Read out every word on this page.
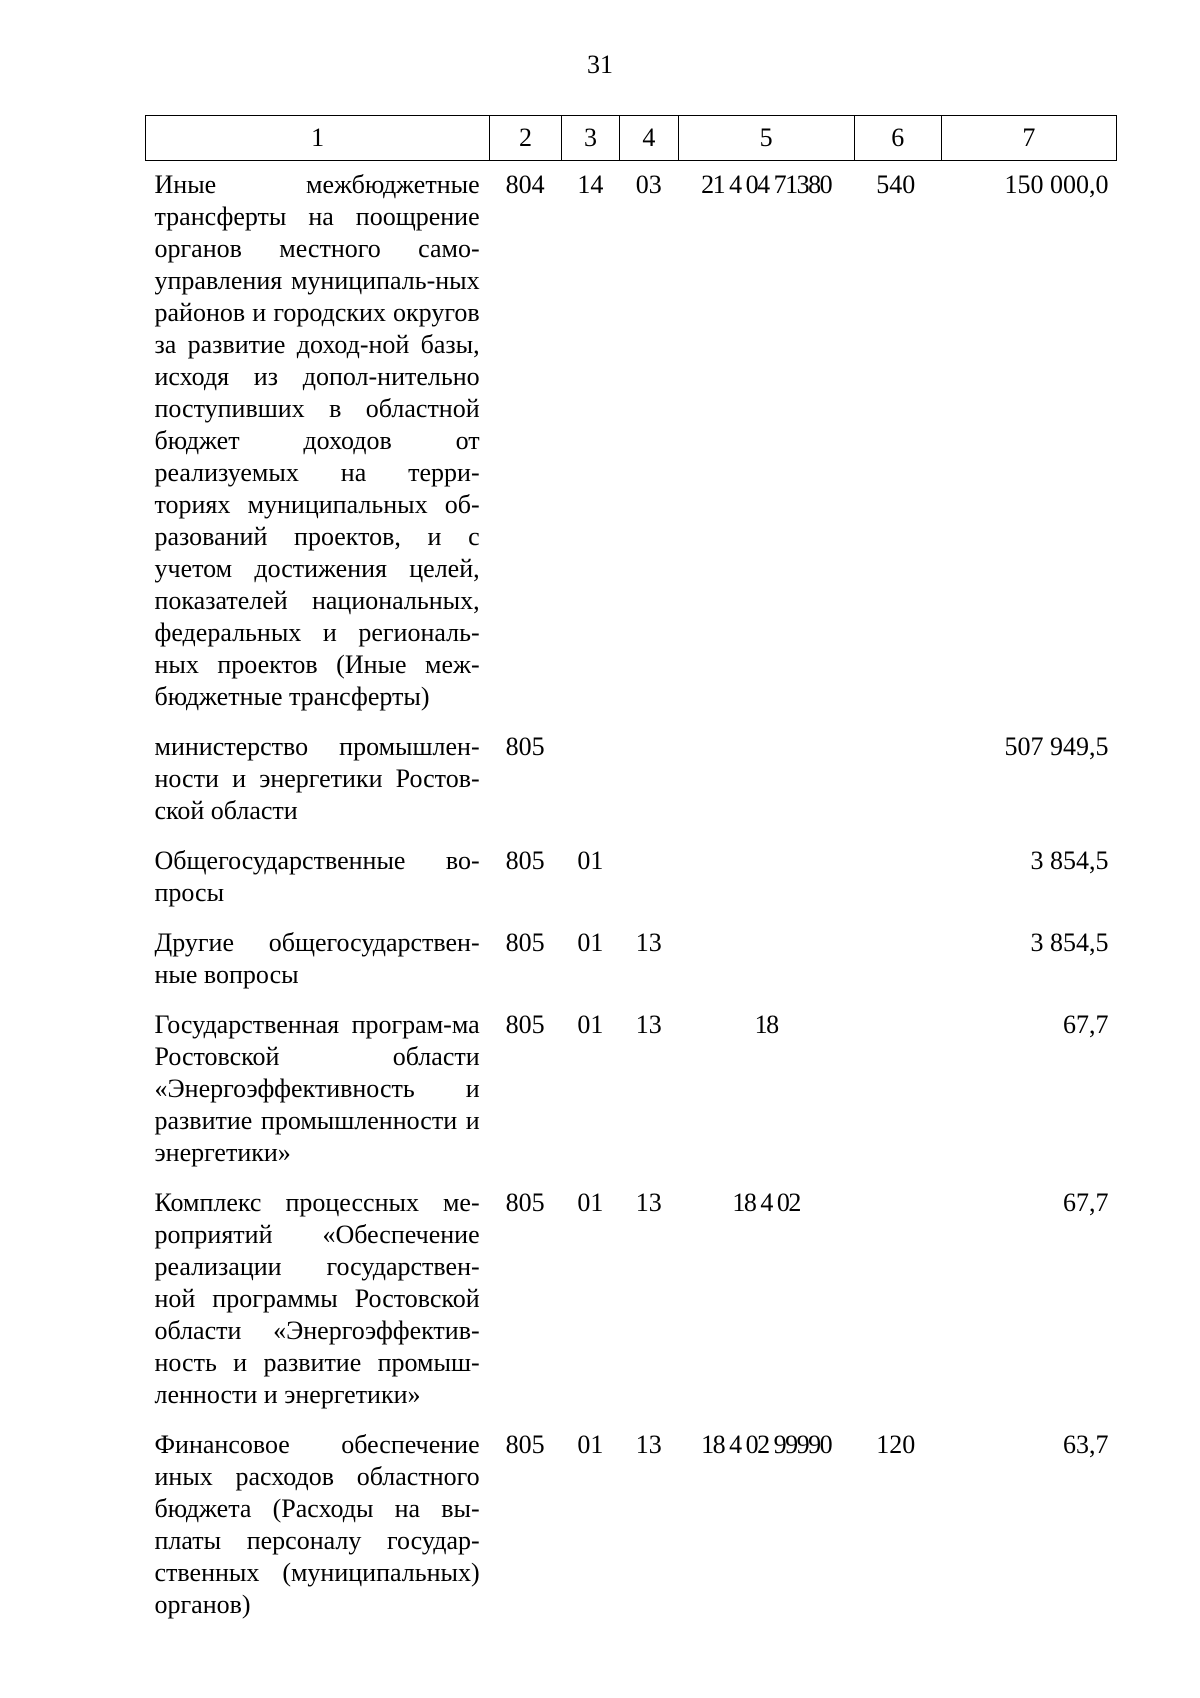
31
1	2	3	4	5	6	7
Иные межбюджетные трансферты на поощрение органов местного само-управления муниципаль-ных районов и городских округов за развитие доход-ной базы, исходя из допол-нительно поступивших в областной бюджет доходов от реализуемых на терри-ториях муниципальных об-разований проектов, и с учетом достижения целей, показателей национальных, федеральных и региональ-ных проектов (Иные меж-бюджетные трансферты)	804	14	03	21 4 04 71380	540	150 000,0
министерство промышлен-ности и энергетики Ростов-ской области	805					507 949,5
Общегосударственные во-просы	805	01				3 854,5
Другие общегосударствен-ные вопросы	805	01	13			3 854,5
Государственная програм-ма Ростовской области «Энергоэффективность и развитие промышленности и энергетики»	805	01	13	18		67,7
Комплекс процессных ме-роприятий «Обеспечение реализации государствен-ной программы Ростовской области «Энергоэффектив-ность и развитие промыш-ленности и энергетики»	805	01	13	18 4 02		67,7
Финансовое обеспечение иных расходов областного бюджета (Расходы на вы-платы персоналу государ-ственных (муниципальных) органов)	805	01	13	18 4 02 99990	120	63,7
